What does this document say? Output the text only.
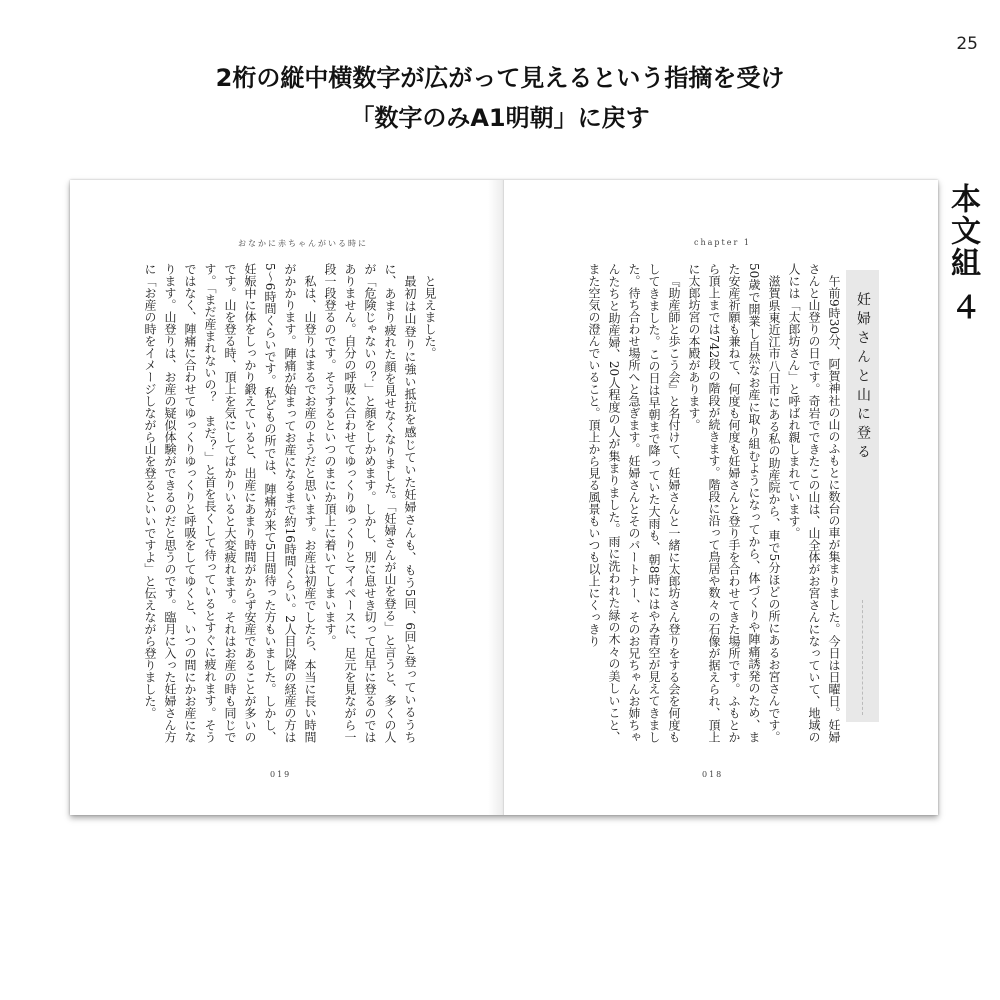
25
2桁の縦中横数字が広がって見えるという指摘を受け
「数字のみA1明朝」に戻す
本文組 ４
おなかに赤ちゃんがいる時に

と見えました。

最初は山登りに強い抵抗を感じていた妊婦さんも、もう5回、6回と登っているうちに、あまり疲れた顔を見せなくなりました。「妊婦さんが山を登る」と言うと、多くの人が「危険じゃないの？」と顔をしかめます。しかし、別に息せき切って足早に登るのではありません。自分の呼吸に合わせてゆっくりゆっくりとマイペースに、足元を見ながら一段一段登るのです。そうするといつのまにか頂上に着いてしまいます。

私は、山登りはまるでお産のようだと思います。お産は初産でしたら、本当に長い時間がかかります。陣痛が始まってお産になるまで約16時間くらい。2人目以降の経産の方は5～6時間くらいです。私どもの所では、陣痛が来て5日間待った方もいました。しかし、妊娠中に体をしっかり鍛えていると、出産にあまり時間がからず安産であることが多いのです。山を登る時、頂上を気にしてばかりいると大変疲れます。それはお産の時も同じです。「まだ産まれないの？　まだ？」と首を長くして待っているとすぐに疲れます。そうではなく、陣痛に合わせてゆっくりゆっくりと呼吸をしてゆくと、いつの間にかお産になります。山登りは、お産の疑似体験ができるのだと思うのです。臨月に入った妊婦さん方に「お産の時をイメージしながら山を登るといいですよ」と伝えながら登りました。

019
chapter 1

午前9時30分、阿賀神社の山のふもとに数台の車が集まりました。今日は日曜日。妊婦さんと山登りの日です。奇岩でできたこの山は、山全体がお宮さんになっていて、地域の人には「太郎坊さん」と呼ばれ親しまれています。

滋賀県東近江市八日市にある私の助産院から、車で5分ほどの所にあるお宮さんです。50歳で開業し自然なお産に取り組むようになってから、体づくりや陣痛誘発のため、また安産祈願も兼ねて、何度も何度も妊婦さんと登り手を合わせてきた場所です。ふもとから頂上までは742段の階段が続きます。階段に沿って鳥居や数々の石像が据えられ、頂上に太郎坊宮の本殿があります。

『助産師と歩こう会』と名付けて、妊婦さんと一緒に太郎坊さん登りをする会を何度もしてきました。この日は早朝まで降っていた大雨も、朝8時にはやみ青空が見えてきました。待ち合わせ場所へと急ぎます。妊婦さんとそのパートナー、そのお兄ちゃんお姉ちゃんたちと助産婦、20人程度の人が集まりました。雨に洗われた緑の木々の美しいこと、また空気の澄んでいること。頂上から見る風景もいつも以上にくっきり

018
妊婦さんと山に登る
